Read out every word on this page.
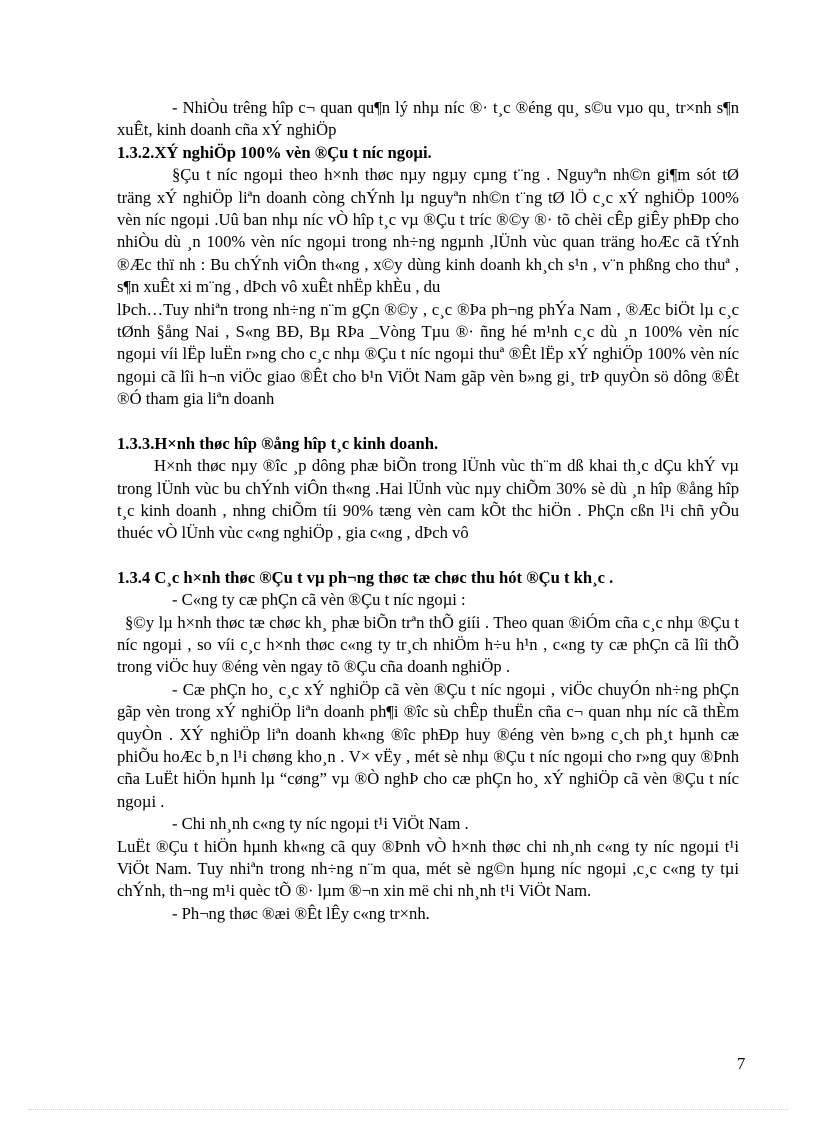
- NhiÒu trêng hîp c¬ quan qu¶n lý nhµ níc ®· t¸c ®éng qu¸ s©u vµo qu¸ tr×nh s¶n xuÊt, kinh doanh cña xÝ nghiÖp

1.3.2.XÝ nghiÖp 100% vèn ®Çu t níc ngoµi.

§Çu t níc ngoµi theo h×nh thøc nµy ngµy cµng t¨ng . Nguyªn nh©n gi¶m sót tØ träng xÝ nghiÖp liªn doanh còng chÝnh lµ nguyªn nh©n t¨ng tØ lÖ c¸c xÝ nghiÖp 100% vèn níc ngoµi .Uû ban nhµ níc vÒ hîp t¸c vµ ®Çu t tríc ®©y ®· tõ chèi cÊp giÊy phÐp cho nhiÒu dù ¸n 100% vèn níc ngoµi trong nh÷ng ngµnh ,lÜnh vùc quan träng hoÆc cã tÝnh ®Æc thï nh : Bu chÝnh viÔn th«ng , x©y dùng kinh doanh kh¸ch s¹n , v¨n phßng cho thuª , s¶n xuÊt xi m¨ng , dÞch vô xuÊt nhËp khÈu , du

lÞch…Tuy nhiªn trong nh÷ng n¨m gÇn ®©y , c¸c ®Þa ph¬ng phÝa Nam , ®Æc biÖt lµ c¸c tØnh §ång Nai , S«ng BÐ, Bµ RÞa _Vòng Tµu ®· ñng hé m¹nh c¸c dù ¸n 100% vèn níc ngoµi víi lËp luËn r»ng cho c¸c nhµ ®Çu t níc ngoµi thuª ®Êt lËp xÝ nghiÖp 100% vèn níc ngoµi cã lîi h¬n viÖc giao ®Êt cho b¹n ViÖt Nam gãp vèn b»ng gi¸ trÞ quyÒn sö dông ®Êt ®Ó tham gia liªn doanh

1.3.3.H×nh thøc hîp ®ång hîp t¸c kinh doanh.

H×nh thøc nµy ®îc ¸p dông phæ biÕn trong lÜnh vùc th¨m dß khai th¸c dÇu khÝ vµ trong lÜnh vùc bu chÝnh viÔn th«ng .Hai lÜnh vùc nµy chiÕm 30% sè dù ¸n hîp ®ång hîp t¸c kinh doanh , nhng chiÕm tíi 90% tæng vèn cam kÕt thc hiÖn . PhÇn cßn l¹i chñ yÕu thuéc vÒ lÜnh vùc c«ng nghiÖp , gia c«ng , dÞch vô

1.3.4 C¸c h×nh thøc ®Çu t vµ ph¬ng thøc tæ chøc thu hót ®Çu t kh¸c .

- C«ng ty cæ phÇn cã vèn ®Çu t níc ngoµi :

§©y lµ h×nh thøc tæ chøc kh¸ phæ biÕn trªn thÕ giíi . Theo quan ®iÓm cña c¸c nhµ ®Çu t níc ngoµi , so víi c¸c h×nh thøc c«ng ty tr¸ch nhiÖm h÷u h¹n , c«ng ty cæ phÇn cã lîi thÕ trong viÖc huy ®éng vèn ngay tõ ®Çu cña doanh nghiÖp .

- Cæ phÇn ho¸ c¸c xÝ nghiÖp cã vèn ®Çu t níc ngoµi , viÖc chuyÓn nh÷ng phÇn gãp vèn trong xÝ nghiÖp liªn doanh ph¶i ®îc sù chÊp thuËn cña c¬ quan nhµ níc cã thÈm quyÒn . XÝ nghiÖp liªn doanh kh«ng ®îc phÐp huy ®éng vèn b»ng c¸ch ph¸t hµnh cæ phiÕu hoÆc b¸n l¹i chøng kho¸n . V× vËy , mét sè nhµ ®Çu t níc ngoµi cho r»ng quy ®Þnh cña LuËt hiÖn hµnh lµ “cøng” vµ ®Ò nghÞ cho cæ phÇn ho¸ xÝ nghiÖp cã vèn ®Çu t níc ngoµi .

- Chi nh¸nh c«ng ty níc ngoµi t¹i ViÖt Nam .

LuËt ®Çu t hiÖn hµnh kh«ng cã quy ®Þnh vÒ h×nh thøc chi nh¸nh c«ng ty níc ngoµi t¹i ViÖt Nam. Tuy nhiªn trong nh÷ng n¨m qua, mét sè ng©n hµng níc ngoµi ,c¸c c«ng ty tµi chÝnh, th¬ng m¹i quèc tÕ ®· lµm ®¬n xin më chi nh¸nh t¹i ViÖt Nam.

- Ph¬ng thøc ®æi ®Êt lÊy c«ng tr×nh.

7
